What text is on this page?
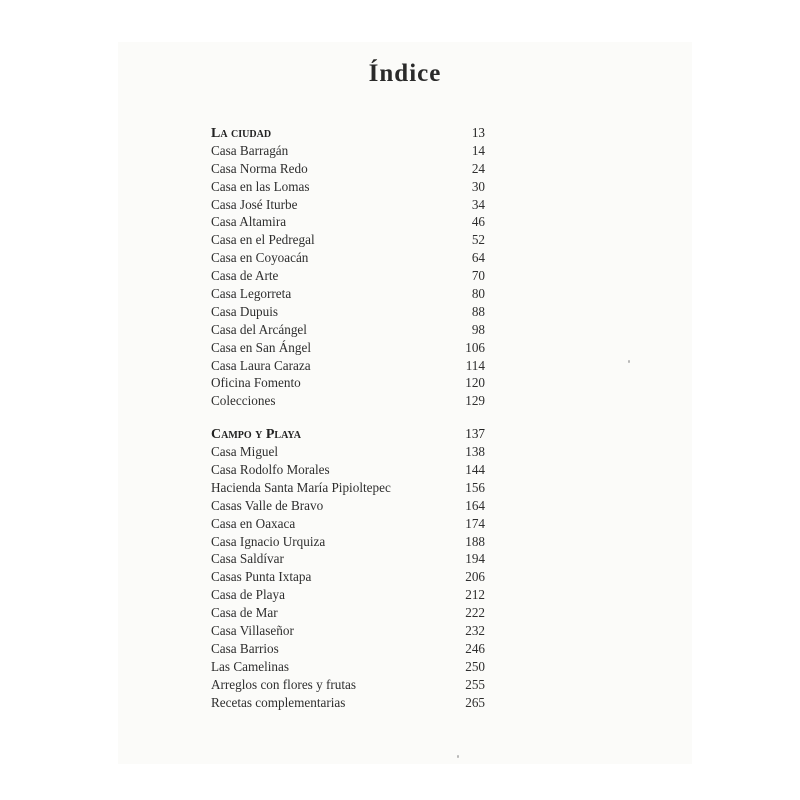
Índice
La ciudad	13
Casa Barragán	14
Casa Norma Redo	24
Casa en las Lomas	30
Casa José Iturbe	34
Casa Altamira	46
Casa en el Pedregal	52
Casa en Coyoacán	64
Casa de Arte	70
Casa Legorreta	80
Casa Dupuis	88
Casa del Arcángel	98
Casa en San Ángel	106
Casa Laura Caraza	114
Oficina Fomento	120
Colecciones	129
Campo y Playa	137
Casa Miguel	138
Casa Rodolfo Morales	144
Hacienda Santa María Pipioltepec	156
Casas Valle de Bravo	164
Casa en Oaxaca	174
Casa Ignacio Urquiza	188
Casa Saldívar	194
Casas Punta Ixtapa	206
Casa de Playa	212
Casa de Mar	222
Casa Villaseñor	232
Casa Barrios	246
Las Camelinas	250
Arreglos con flores y frutas	255
Recetas complementarias	265
